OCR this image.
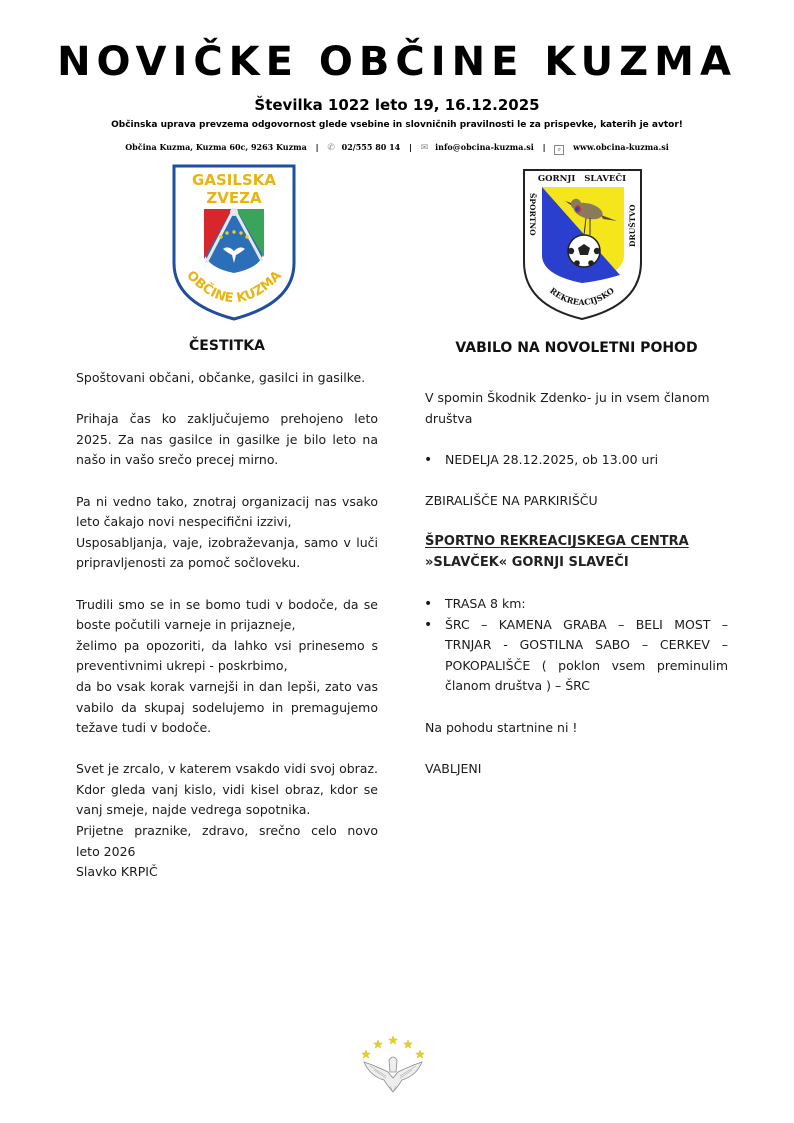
NOVIČKE OBČINE KUZMA
Številka 1022 leto 19, 16.12.2025
Občinska uprava prevzema odgovornost glede vsebine in slovničnih pravilnosti le za prispevke, katerih je avtor!
Občina Kuzma, Kuzma 60c, 9263 Kuzma | ✆ 02/555 80 14 | ✉ info@obcina-kuzma.si | ⌕ www.obcina-kuzma.si
GASILSKA
ZVEZA
OBČINE KUZMA
GORNJI   SLAVEČI
ŠPORTNO	DRUŠTVO
REKREACIJSKO
ČESTITKA
Spoštovani občani, občanke, gasilci in gasilke.
Prihaja čas ko zaključujemo prehojeno leto
2025. Za nas gasilce in gasilke je bilo leto na
našo in vašo srečo precej mirno.
Pa ni vedno tako, znotraj organizacij nas vsako
leto čakajo novi nespecifični izzivi,
Usposabljanja, vaje, izobraževanja, samo v luči
pripravljenosti za pomoč sočloveku.
Trudili smo se in se bomo tudi v bodoče, da se
boste počutili varneje in prijazneje,
želimo pa opozoriti, da lahko vsi prinesemo s
preventivnimi ukrepi - poskrbimo,
da bo vsak korak varnejši in dan lepši, zato vas
vabilo da skupaj sodelujemo in premagujemo
težave tudi v bodoče.
Svet je zrcalo, v katerem vsakdo vidi svoj obraz.
Kdor gleda vanj kislo, vidi kisel obraz, kdor se
vanj smeje, najde vedrega sopotnika.
Prijetne praznike, zdravo, srečno celo novo
leto 2026
Slavko KRPIČ
VABILO NA NOVOLETNI POHOD
V spomin Škodnik Zdenko- ju in vsem članom
društva
• NEDELJA 28.12.2025, ob 13.00 uri
ZBIRALIŠČE NA PARKIRIŠČU
ŠPORTNO REKREACIJSKEGA CENTRA
»SLAVČEK« GORNJI SLAVEČI
• TRASA 8 km:
• ŠRC – KAMENA GRABA – BELI MOST –
TRNJAR - GOSTILNA SABO – CERKEV –
POKOPALIŠČE ( poklon vsem preminulim
članom društva ) – ŠRC
Na pohodu startnine ni !
VABLJENI
